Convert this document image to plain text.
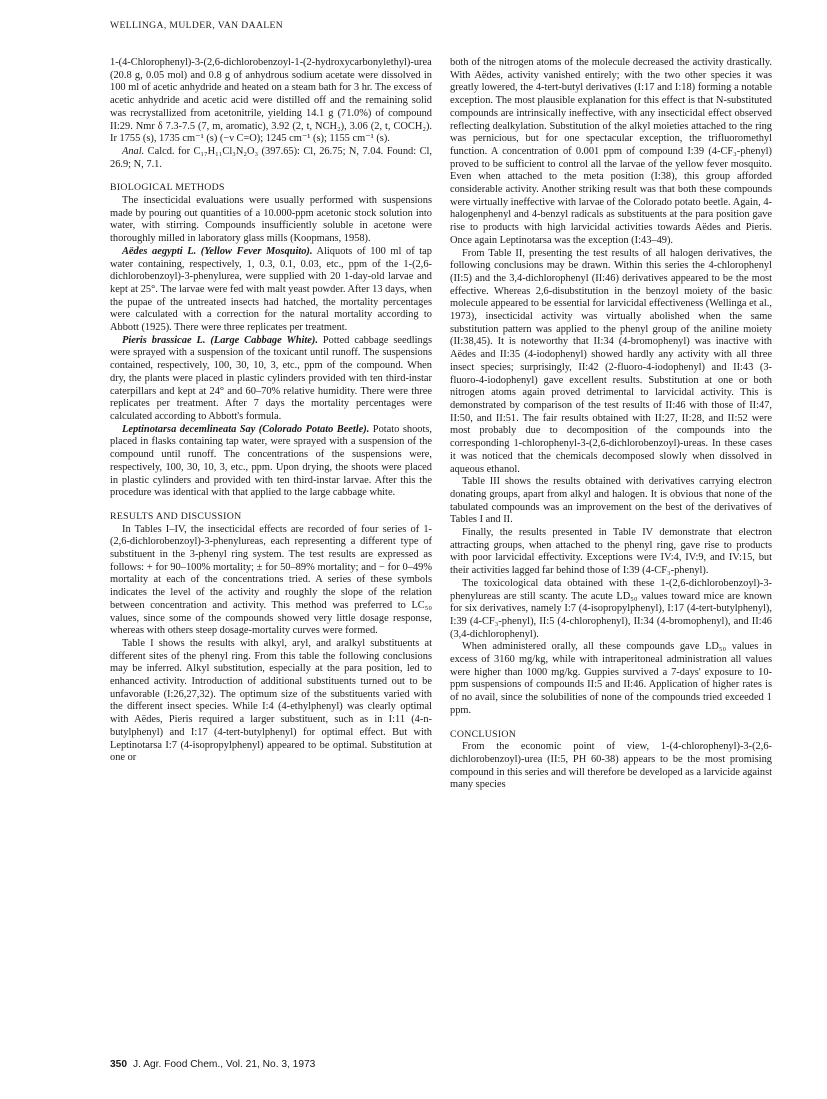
WELLINGA, MULDER, VAN DAALEN

1-(4-Chlorophenyl)-3-(2,6-dichlorobenzoyl-1-(2-hydroxycarbonylethyl)-urea (20.8 g, 0.05 mol) and 0.8 g of anhydrous sodium acetate were dissolved in 100 ml of acetic anhydride and heated on a steam bath for 3 hr. The excess of acetic anhydride and acetic acid were distilled off and the remaining solid was recrystallized from acetonitrile, yielding 14.1 g (71.0%) of compound II:29. Nmr δ 7.3-7.5 (7, m, aromatic), 3.92 (2, t, NCH₂), 3.06 (2, t, COCH₂). Ir 1755 (s), 1735 cm⁻¹ (s) (−ν C=O); 1245 cm⁻¹ (s); 1155 cm⁻¹ (s).

Anal. Calcd. for C₁₇H₁₁Cl₃N₂O₃ (397.65): Cl, 26.75; N, 7.04. Found: Cl, 26.9; N, 7.1.

BIOLOGICAL METHODS

The insecticidal evaluations were usually performed with suspensions made by pouring out quantities of a 10.000-ppm acetonic stock solution into water, with stirring. Compounds insufficiently soluble in acetone were thoroughly milled in laboratory glass mills (Koopmans, 1958).

Aëdes aegypti L. (Yellow Fever Mosquito). Aliquots of 100 ml of tap water containing, respectively, 1, 0.3, 0.1, 0.03, etc., ppm of the 1-(2,6-dichlorobenzoyl)-3-phenylurea, were supplied with 20 1-day-old larvae and kept at 25°. The larvae were fed with malt yeast powder. After 13 days, when the pupae of the untreated insects had hatched, the mortality percentages were calculated with a correction for the natural mortality according to Abbott (1925). There were three replicates per treatment.

Pieris brassicae L. (Large Cabbage White). Potted cabbage seedlings were sprayed with a suspension of the toxicant until runoff. The suspensions contained, respectively, 100, 30, 10, 3, etc., ppm of the compound. When dry, the plants were placed in plastic cylinders provided with ten third-instar caterpillars and kept at 24° and 60–70% relative humidity. There were three replicates per treatment. After 7 days the mortality percentages were calculated according to Abbott's formula.

Leptinotarsa decemlineata Say (Colorado Potato Beetle). Potato shoots, placed in flasks containing tap water, were sprayed with a suspension of the compound until runoff. The concentrations of the suspensions were, respectively, 100, 30, 10, 3, etc., ppm. Upon drying, the shoots were placed in plastic cylinders and provided with ten third-instar larvae. After this the procedure was identical with that applied to the large cabbage white.

RESULTS AND DISCUSSION

In Tables I–IV, the insecticidal effects are recorded of four series of 1-(2,6-dichlorobenzoyl)-3-phenylureas, each representing a different type of substituent in the 3-phenyl ring system. The test results are expressed as follows: + for 90–100% mortality; ± for 50–89% mortality; and − for 0–49% mortality at each of the concentrations tried. A series of these symbols indicates the level of the activity and roughly the slope of the relation between concentration and activity. This method was preferred to LC₅₀ values, since some of the compounds showed very little dosage response, whereas with others steep dosage-mortality curves were formed.

Table I shows the results with alkyl, aryl, and aralkyl substituents at different sites of the phenyl ring. From this table the following conclusions may be inferred. Alkyl substitution, especially at the para position, led to enhanced activity. Introduction of additional substituents turned out to be unfavorable (I:26,27,32). The optimum size of the substituents varied with the different insect species. While I:4 (4-ethylphenyl) was clearly optimal with Aëdes, Pieris required a larger substituent, such as in I:11 (4-n-butylphenyl) and I:17 (4-tert-butylphenyl) for optimal effect. But with Leptinotarsa I:7 (4-isopropylphenyl) appeared to be optimal. Substitution at one or

both of the nitrogen atoms of the molecule decreased the activity drastically. With Aëdes, activity vanished entirely; with the two other species it was greatly lowered, the 4-tert-butyl derivatives (I:17 and I:18) forming a notable exception. The most plausible explanation for this effect is that N-substituted compounds are intrinsically ineffective, with any insecticidal effect observed reflecting dealkylation. Substitution of the alkyl moieties attached to the ring was pernicious, but for one spectacular exception, the trifluoromethyl function. A concentration of 0.001 ppm of compound I:39 (4-CF₃-phenyl) proved to be sufficient to control all the larvae of the yellow fever mosquito. Even when attached to the meta position (I:38), this group afforded considerable activity. Another striking result was that both these compounds were virtually ineffective with larvae of the Colorado potato beetle. Again, 4-halogenphenyl and 4-benzyl radicals as substituents at the para position gave rise to products with high larvicidal activities towards Aëdes and Pieris. Once again Leptinotarsa was the exception (I:43–49).

From Table II, presenting the test results of all halogen derivatives, the following conclusions may be drawn. Within this series the 4-chlorophenyl (II:5) and the 3,4-dichlorophenyl (II:46) derivatives appeared to be the most effective. Whereas 2,6-disubstitution in the benzoyl moiety of the basic molecule appeared to be essential for larvicidal effectiveness (Wellinga et al., 1973), insecticidal activity was virtually abolished when the same substitution pattern was applied to the phenyl group of the aniline moiety (II:38,45). It is noteworthy that II:34 (4-bromophenyl) was inactive with Aëdes and II:35 (4-iodophenyl) showed hardly any activity with all three insect species; surprisingly, II:42 (2-fluoro-4-iodophenyl) and II:43 (3-fluoro-4-iodophenyl) gave excellent results. Substitution at one or both nitrogen atoms again proved detrimental to larvicidal activity. This is demonstrated by comparison of the test results of II:46 with those of II:47, II:50, and II:51. The fair results obtained with II:27, II:28, and II:52 were most probably due to decomposition of the compounds into the corresponding 1-chlorophenyl-3-(2,6-dichlorobenzoyl)-ureas. In these cases it was noticed that the chemicals decomposed slowly when dissolved in aqueous ethanol.

Table III shows the results obtained with derivatives carrying electron donating groups, apart from alkyl and halogen. It is obvious that none of the tabulated compounds was an improvement on the best of the derivatives of Tables I and II.

Finally, the results presented in Table IV demonstrate that electron attracting groups, when attached to the phenyl ring, gave rise to products with poor larvicidal effectivity. Exceptions were IV:4, IV:9, and IV:15, but their activities lagged far behind those of I:39 (4-CF₃-phenyl).

The toxicological data obtained with these 1-(2,6-dichlorobenzoyl)-3-phenylureas are still scanty. The acute LD₅₀ values toward mice are known for six derivatives, namely I:7 (4-isopropylphenyl), I:17 (4-tert-butylphenyl), I:39 (4-CF₃-phenyl), II:5 (4-chlorophenyl), II:34 (4-bromophenyl), and II:46 (3,4-dichlorophenyl).

When administered orally, all these compounds gave LD₅₀ values in excess of 3160 mg/kg, while with intraperitoneal administration all values were higher than 1000 mg/kg. Guppies survived a 7-days' exposure to 10-ppm suspensions of compounds II:5 and II:46. Application of higher rates is of no avail, since the solubilities of none of the compounds tried exceeded 1 ppm.

CONCLUSION

From the economic point of view, 1-(4-chlorophenyl)-3-(2,6-dichlorobenzoyl)-urea (II:5, PH 60-38) appears to be the most promising compound in this series and will therefore be developed as a larvicide against many species

350 J. Agr. Food Chem., Vol. 21, No. 3, 1973
